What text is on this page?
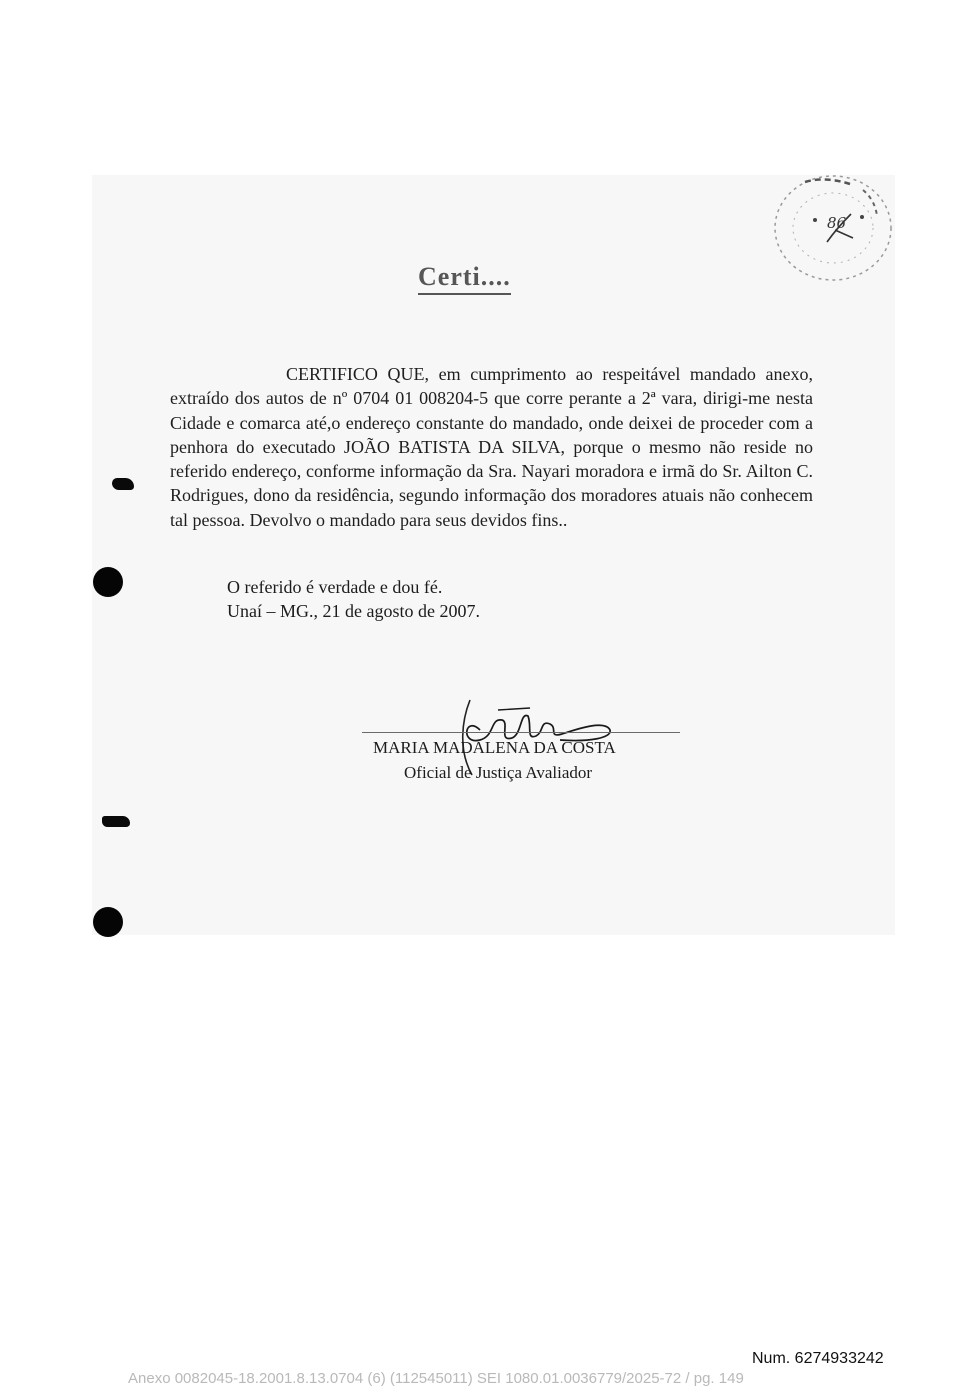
86
Certi....

CERTIFICO QUE, em cumprimento ao respeitável mandado anexo, extraído dos autos de nº 0704 01 008204-5 que corre perante a 2ª vara, dirigi-me nesta Cidade e comarca até,o endereço constante do mandado, onde deixei de proceder com a penhora do executado JOÃO BATISTA DA SILVA, porque o mesmo não reside no referido endereço, conforme informação da Sra. Nayari moradora e irmã do Sr. Ailton C. Rodrigues, dono da residência, segundo informação dos moradores atuais não conhecem tal pessoa. Devolvo o mandado para seus devidos fins..

O referido é verdade e dou fé.
Unaí – MG., 21 de agosto de 2007.
MARIA MADALENA DA COSTA
Oficial de Justiça Avaliador
Num. 6274933242
Anexo 0082045-18.2001.8.13.0704 (6) (112545011) SEI 1080.01.0036779/2025-72 / pg. 149
